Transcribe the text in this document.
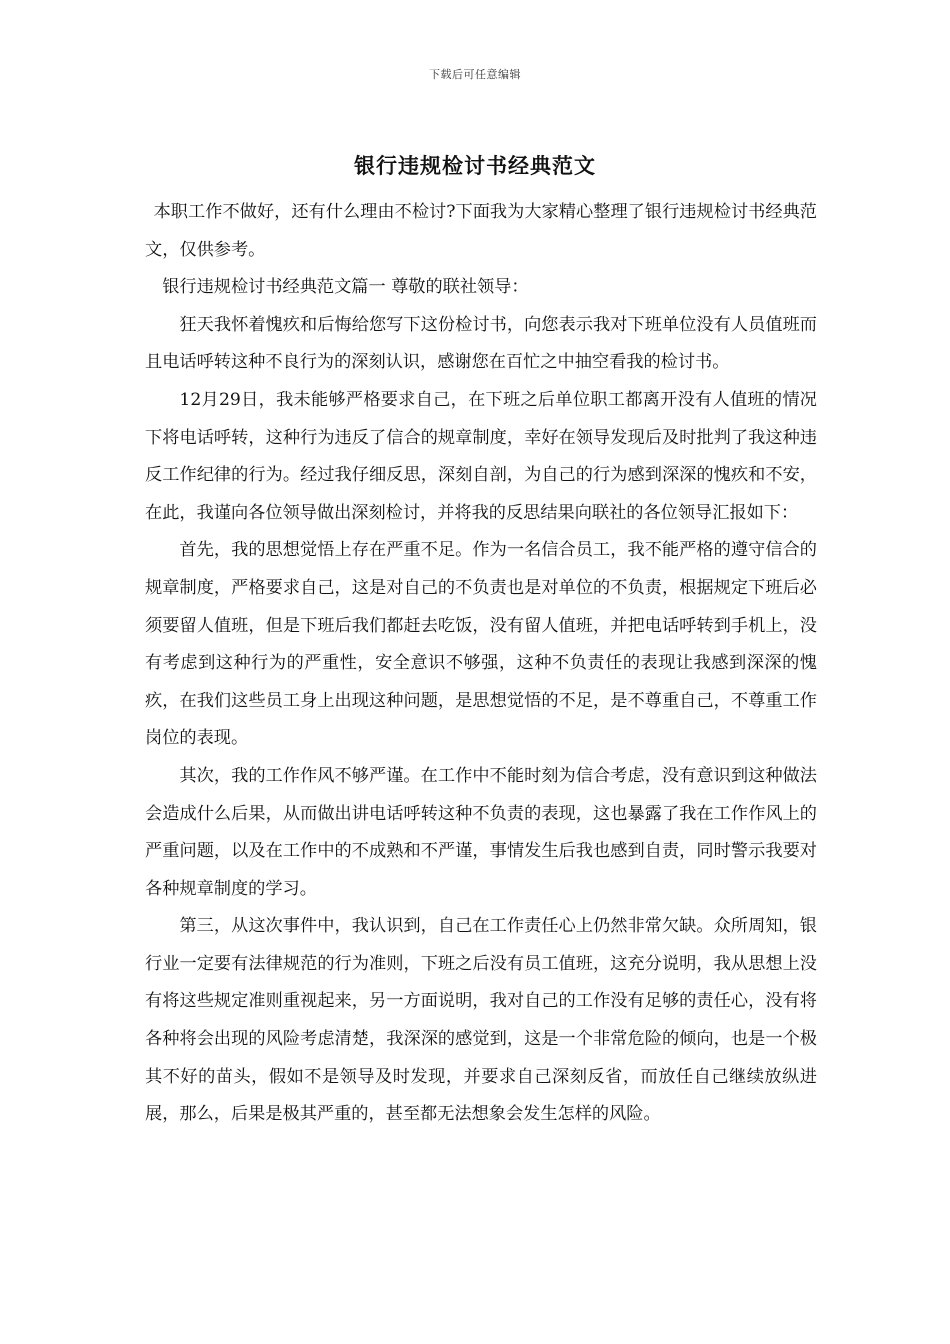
下载后可任意编辑
银行违规检讨书经典范文

本职工作不做好，还有什么理由不检讨?下面我为大家精心整理了银行违规检讨书经典范文，仅供参考。

银行违规检讨书经典范文篇一 尊敬的联社领导：

狂天我怀着愧疚和后悔给您写下这份检讨书，向您表示我对下班单位没有人员值班而且电话呼转这种不良行为的深刻认识，感谢您在百忙之中抽空看我的检讨书。

12月29日，我未能够严格要求自己，在下班之后单位职工都离开没有人值班的情况下将电话呼转，这种行为违反了信合的规章制度，幸好在领导发现后及时批判了我这种违反工作纪律的行为。经过我仔细反思，深刻自剖，为自己的行为感到深深的愧疚和不安，在此，我谨向各位领导做出深刻检讨，并将我的反思结果向联社的各位领导汇报如下：

首先，我的思想觉悟上存在严重不足。作为一名信合员工，我不能严格的遵守信合的规章制度，严格要求自己，这是对自己的不负责也是对单位的不负责，根据规定下班后必须要留人值班，但是下班后我们都赶去吃饭，没有留人值班，并把电话呼转到手机上，没有考虑到这种行为的严重性，安全意识不够强，这种不负责任的表现让我感到深深的愧疚，在我们这些员工身上出现这种问题，是思想觉悟的不足，是不尊重自己，不尊重工作岗位的表现。

其次，我的工作作风不够严谨。在工作中不能时刻为信合考虑，没有意识到这种做法会造成什么后果，从而做出讲电话呼转这种不负责的表现，这也暴露了我在工作作风上的严重问题，以及在工作中的不成熟和不严谨，事情发生后我也感到自责，同时警示我要对各种规章制度的学习。

第三，从这次事件中，我认识到，自己在工作责任心上仍然非常欠缺。众所周知，银行业一定要有法律规范的行为准则，下班之后没有员工值班，这充分说明，我从思想上没有将这些规定准则重视起来，另一方面说明，我对自己的工作没有足够的责任心，没有将各种将会出现的风险考虑清楚，我深深的感觉到，这是一个非常危险的倾向，也是一个极其不好的苗头，假如不是领导及时发现，并要求自己深刻反省，而放任自己继续放纵进展，那么，后果是极其严重的，甚至都无法想象会发生怎样的风险。
